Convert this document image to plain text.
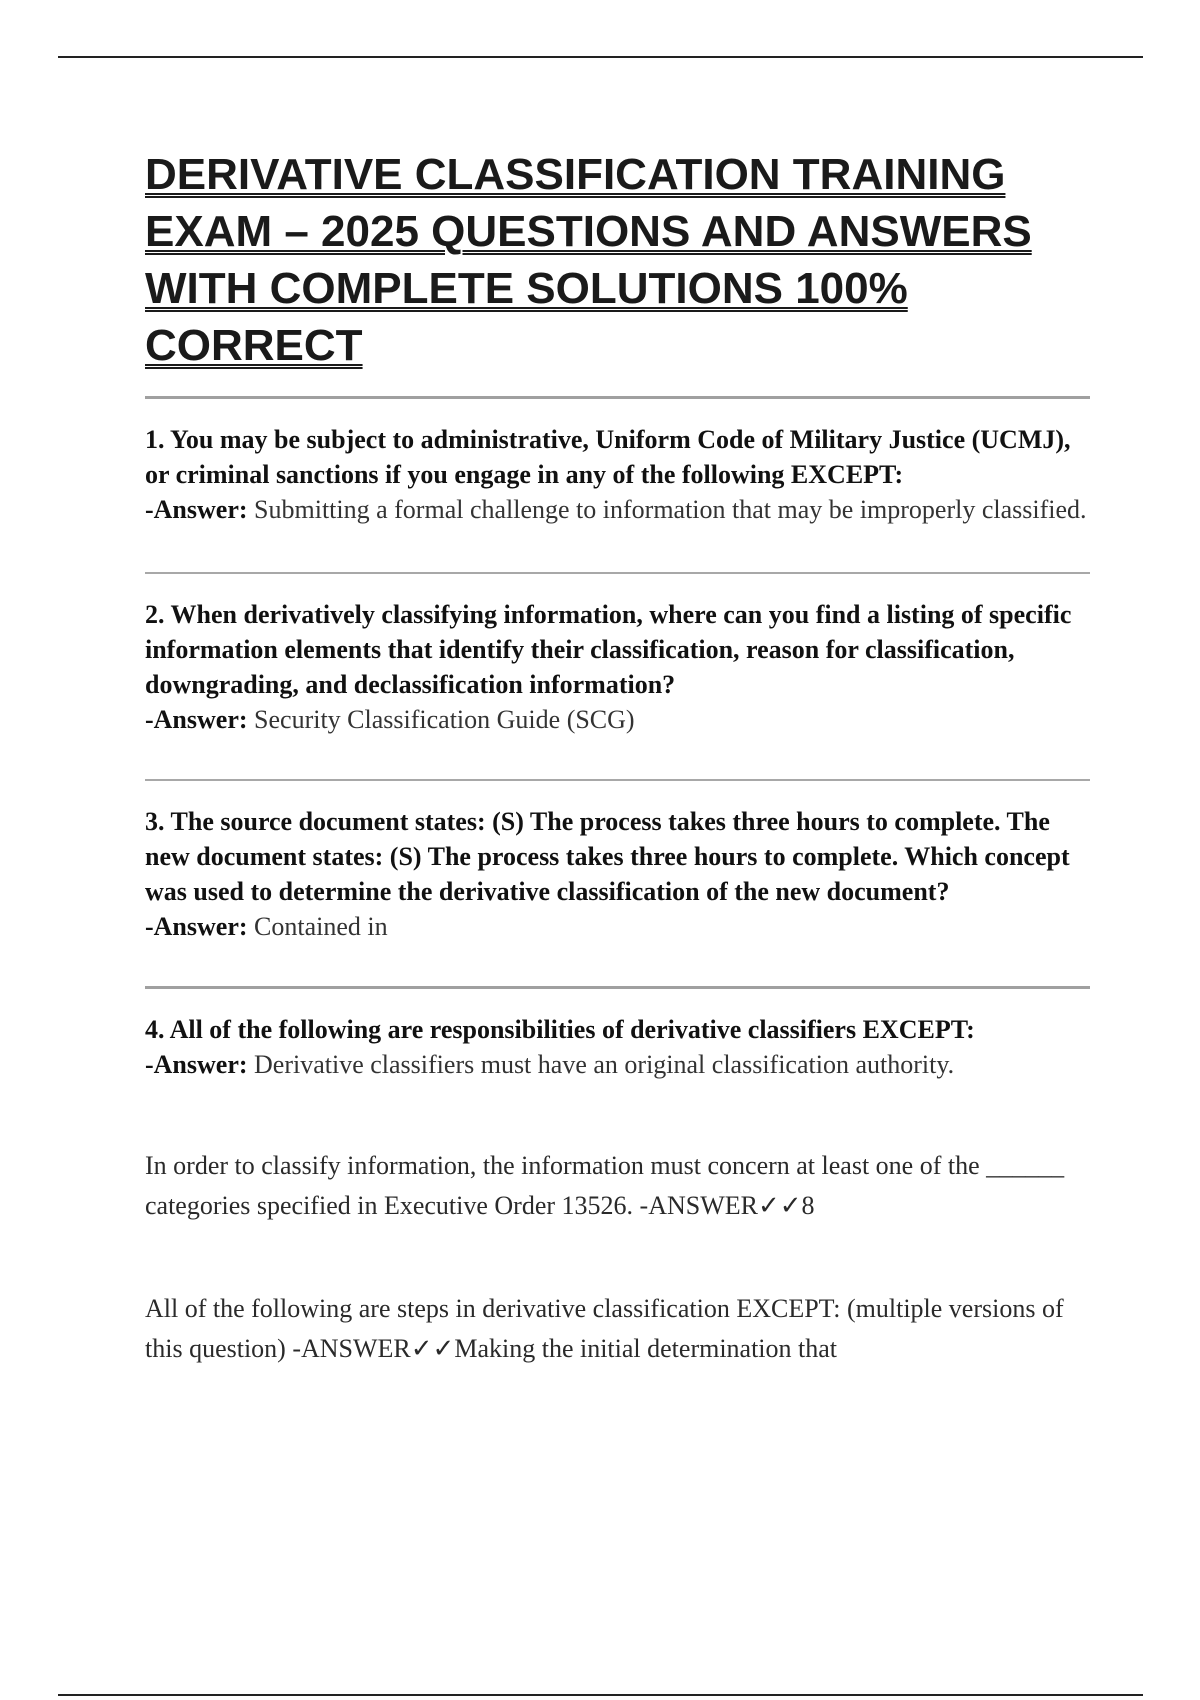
DERIVATIVE CLASSIFICATION TRAINING EXAM – 2025 QUESTIONS AND ANSWERS WITH COMPLETE SOLUTIONS 100% CORRECT
1. You may be subject to administrative, Uniform Code of Military Justice (UCMJ), or criminal sanctions if you engage in any of the following EXCEPT:
-Answer: Submitting a formal challenge to information that may be improperly classified.
2. When derivatively classifying information, where can you find a listing of specific information elements that identify their classification, reason for classification, downgrading, and declassification information?
-Answer: Security Classification Guide (SCG)
3. The source document states: (S) The process takes three hours to complete. The new document states: (S) The process takes three hours to complete. Which concept was used to determine the derivative classification of the new document?
-Answer: Contained in
4. All of the following are responsibilities of derivative classifiers EXCEPT:
-Answer: Derivative classifiers must have an original classification authority.
In order to classify information, the information must concern at least one of the ______ categories specified in Executive Order 13526. -ANSWER✓✓8
All of the following are steps in derivative classification EXCEPT: (multiple versions of this question) -ANSWER✓✓Making the initial determination that
